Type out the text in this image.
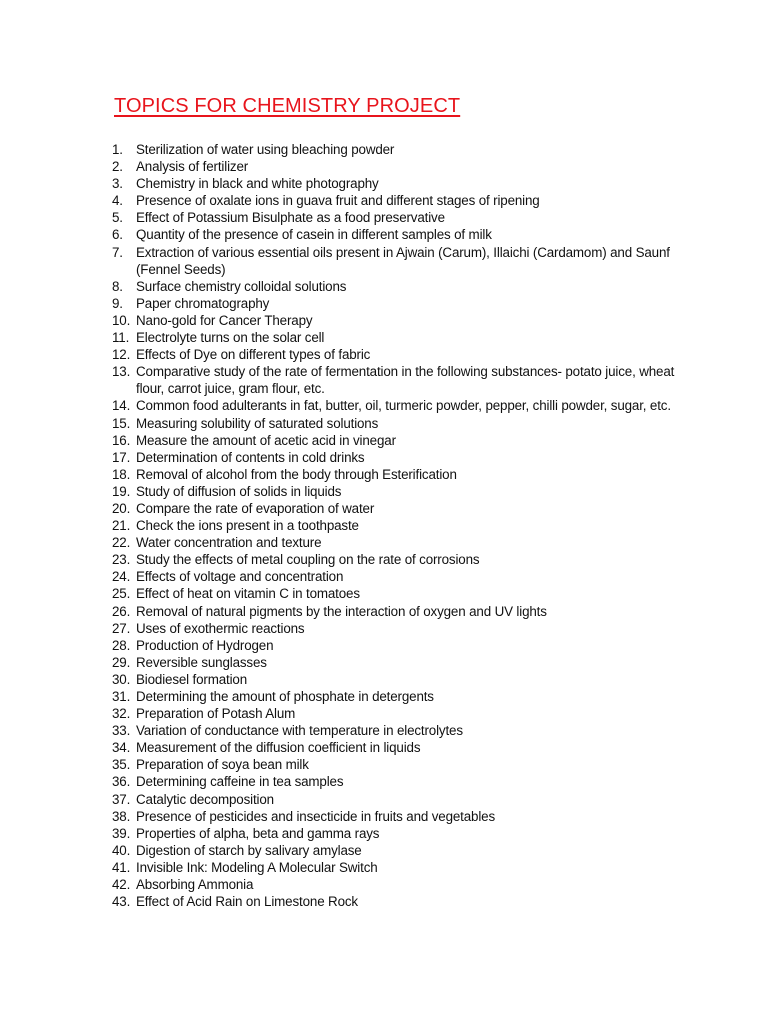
TOPICS FOR CHEMISTRY PROJECT
1. Sterilization of water using bleaching powder
2. Analysis of fertilizer
3. Chemistry in black and white photography
4. Presence of oxalate ions in guava fruit and different stages of ripening
5. Effect of Potassium Bisulphate as a food preservative
6. Quantity of the presence of casein in different samples of milk
7. Extraction of various essential oils present in Ajwain (Carum), Illaichi (Cardamom) and Saunf (Fennel Seeds)
8. Surface chemistry colloidal solutions
9. Paper chromatography
10. Nano-gold for Cancer Therapy
11. Electrolyte turns on the solar cell
12. Effects of Dye on different types of fabric
13. Comparative study of the rate of fermentation in the following substances- potato juice, wheat flour, carrot juice, gram flour, etc.
14. Common food adulterants in fat, butter, oil, turmeric powder, pepper, chilli powder, sugar, etc.
15. Measuring solubility of saturated solutions
16. Measure the amount of acetic acid in vinegar
17. Determination of contents in cold drinks
18. Removal of alcohol from the body through Esterification
19. Study of diffusion of solids in liquids
20. Compare the rate of evaporation of water
21. Check the ions present in a toothpaste
22. Water concentration and texture
23. Study the effects of metal coupling on the rate of corrosions
24. Effects of voltage and concentration
25. Effect of heat on vitamin C in tomatoes
26. Removal of natural pigments by the interaction of oxygen and UV lights
27. Uses of exothermic reactions
28. Production of Hydrogen
29. Reversible sunglasses
30. Biodiesel formation
31. Determining the amount of phosphate in detergents
32. Preparation of Potash Alum
33. Variation of conductance with temperature in electrolytes
34. Measurement of the diffusion coefficient in liquids
35. Preparation of soya bean milk
36. Determining caffeine in tea samples
37. Catalytic decomposition
38. Presence of pesticides and insecticide in fruits and vegetables
39. Properties of alpha, beta and gamma rays
40. Digestion of starch by salivary amylase
41. Invisible Ink: Modeling A Molecular Switch
42. Absorbing Ammonia
43. Effect of Acid Rain on Limestone Rock
